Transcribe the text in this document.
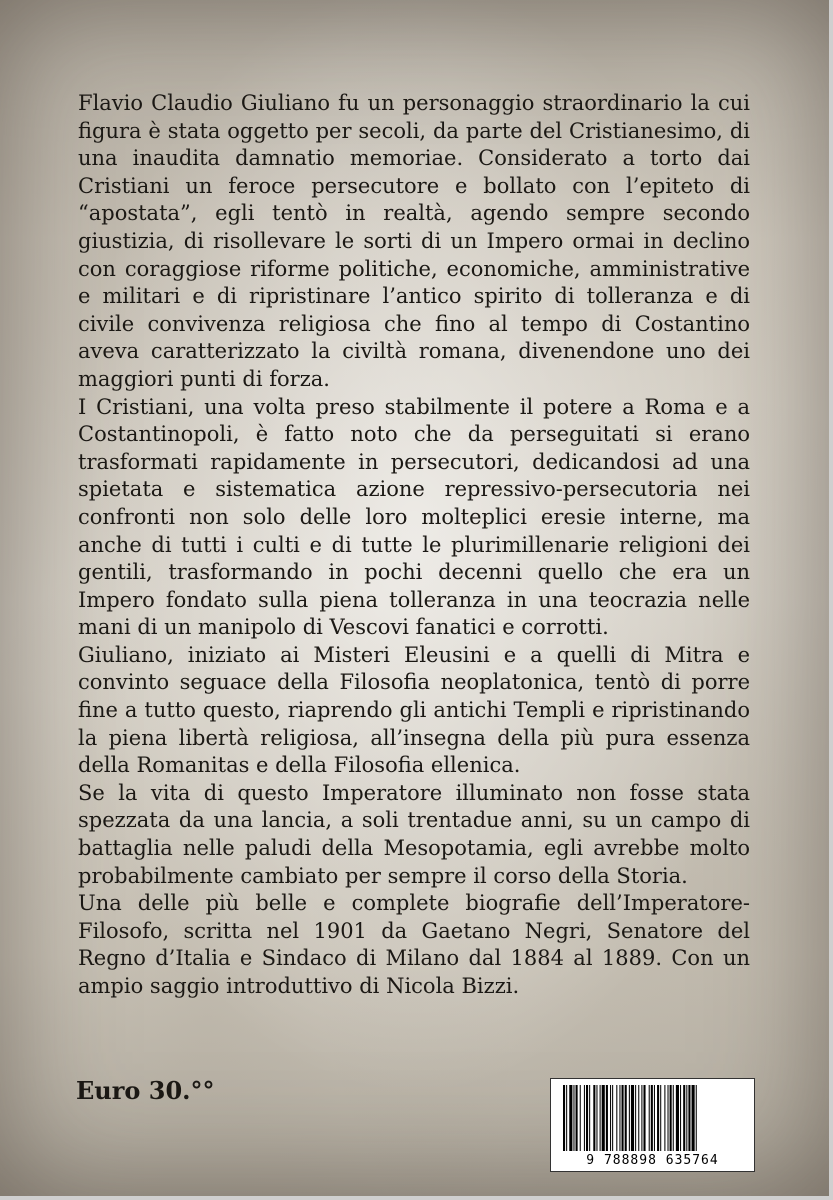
Flavio Claudio Giuliano fu un personaggio straordinario la cui figura è stata oggetto per secoli, da parte del Cristianesimo, di una inaudita damnatio memoriae. Considerato a torto dai Cristiani un feroce persecutore e bollato con l’epiteto di “apostata”, egli tentò in realtà, agendo sempre secondo giustizia, di risollevare le sorti di un Impero ormai in declino con coraggiose riforme politiche, economiche, amministrative e militari e di ripristinare l’antico spirito di tolleranza e di civile convivenza religiosa che fino al tempo di Costantino aveva caratterizzato la civiltà romana, divenendone uno dei maggiori punti di forza.

I Cristiani, una volta preso stabilmente il potere a Roma e a Costantinopoli, è fatto noto che da perseguitati si erano trasformati rapidamente in persecutori, dedicandosi ad una spietata e sistematica azione repressivo-persecutoria nei confronti non solo delle loro molteplici eresie interne, ma anche di tutti i culti e di tutte le plurimillenarie religioni dei gentili, trasformando in pochi decenni quello che era un Impero fondato sulla piena tolleranza in una teocrazia nelle mani di un manipolo di Vescovi fanatici e corrotti.

Giuliano, iniziato ai Misteri Eleusini e a quelli di Mitra e convinto seguace della Filosofia neoplatonica, tentò di porre fine a tutto questo, riaprendo gli antichi Templi e ripristinando la piena libertà religiosa, all’insegna della più pura essenza della Romanitas e della Filosofia ellenica.

Se la vita di questo Imperatore illuminato non fosse stata spezzata da una lancia, a soli trentadue anni, su un campo di battaglia nelle paludi della Mesopotamia, egli avrebbe molto probabilmente cambiato per sempre il corso della Storia.

Una delle più belle e complete biografie dell’Imperatore-Filosofo, scritta nel 1901 da Gaetano Negri, Senatore del Regno d’Italia e Sindaco di Milano dal 1884 al 1889. Con un ampio saggio introduttivo di Nicola Bizzi.

Euro 30.°°
9 788898 635764
